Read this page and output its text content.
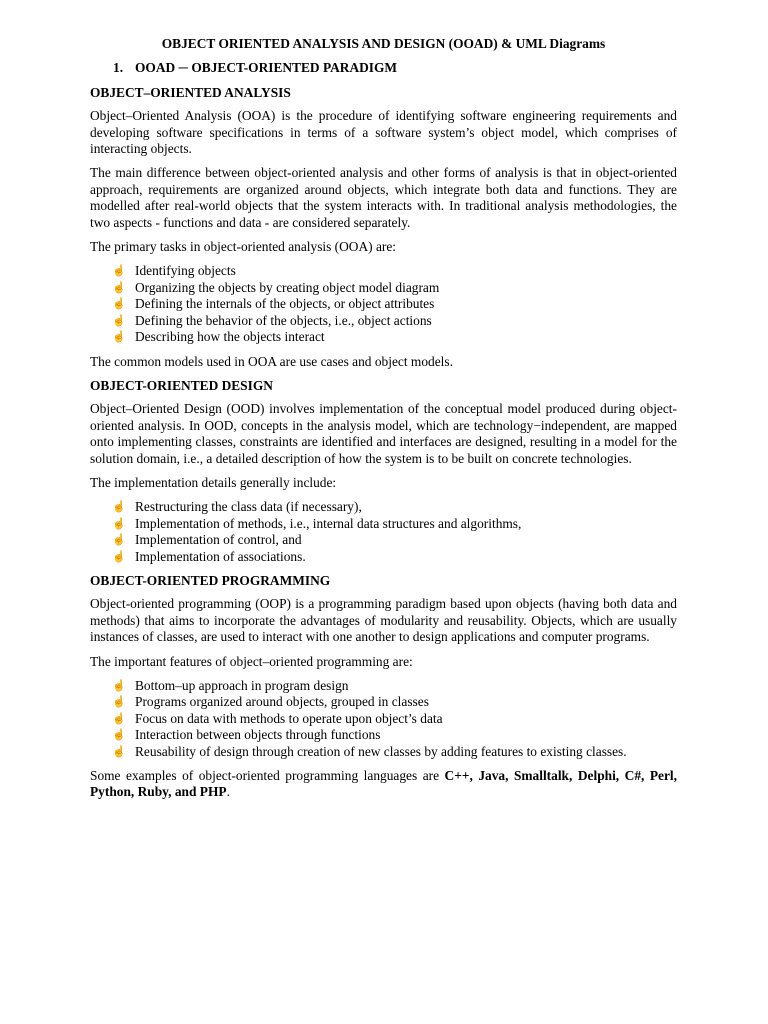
OBJECT ORIENTED ANALYSIS AND DESIGN (OOAD) & UML Diagrams
1. OOAD ─ OBJECT-ORIENTED PARADIGM
OBJECT–ORIENTED ANALYSIS

Object–Oriented Analysis (OOA) is the procedure of identifying software engineering requirements and developing software specifications in terms of a software system’s object model, which comprises of interacting objects.

The main difference between object-oriented analysis and other forms of analysis is that in object-oriented approach, requirements are organized around objects, which integrate both data and functions. They are modelled after real-world objects that the system interacts with. In traditional analysis methodologies, the two aspects - functions and data - are considered separately.

The primary tasks in object-oriented analysis (OOA) are:

☝ Identifying objects
☝ Organizing the objects by creating object model diagram
☝ Defining the internals of the objects, or object attributes
☝ Defining the behavior of the objects, i.e., object actions
☝ Describing how the objects interact

The common models used in OOA are use cases and object models.

OBJECT-ORIENTED DESIGN

Object–Oriented Design (OOD) involves implementation of the conceptual model produced during object-oriented analysis. In OOD, concepts in the analysis model, which are technology−independent, are mapped onto implementing classes, constraints are identified and interfaces are designed, resulting in a model for the solution domain, i.e., a detailed description of how the system is to be built on concrete technologies.

The implementation details generally include:

☝ Restructuring the class data (if necessary),
☝ Implementation of methods, i.e., internal data structures and algorithms,
☝ Implementation of control, and
☝ Implementation of associations.
OBJECT-ORIENTED PROGRAMMING

Object-oriented programming (OOP) is a programming paradigm based upon objects (having both data and methods) that aims to incorporate the advantages of modularity and reusability. Objects, which are usually instances of classes, are used to interact with one another to design applications and computer programs.

The important features of object–oriented programming are:

☝ Bottom–up approach in program design
☝ Programs organized around objects, grouped in classes
☝ Focus on data with methods to operate upon object’s data
☝ Interaction between objects through functions
☝ Reusability of design through creation of new classes by adding features to existing classes.

Some examples of object-oriented programming languages are C++, Java, Smalltalk, Delphi, C#, Perl, Python, Ruby, and PHP.
